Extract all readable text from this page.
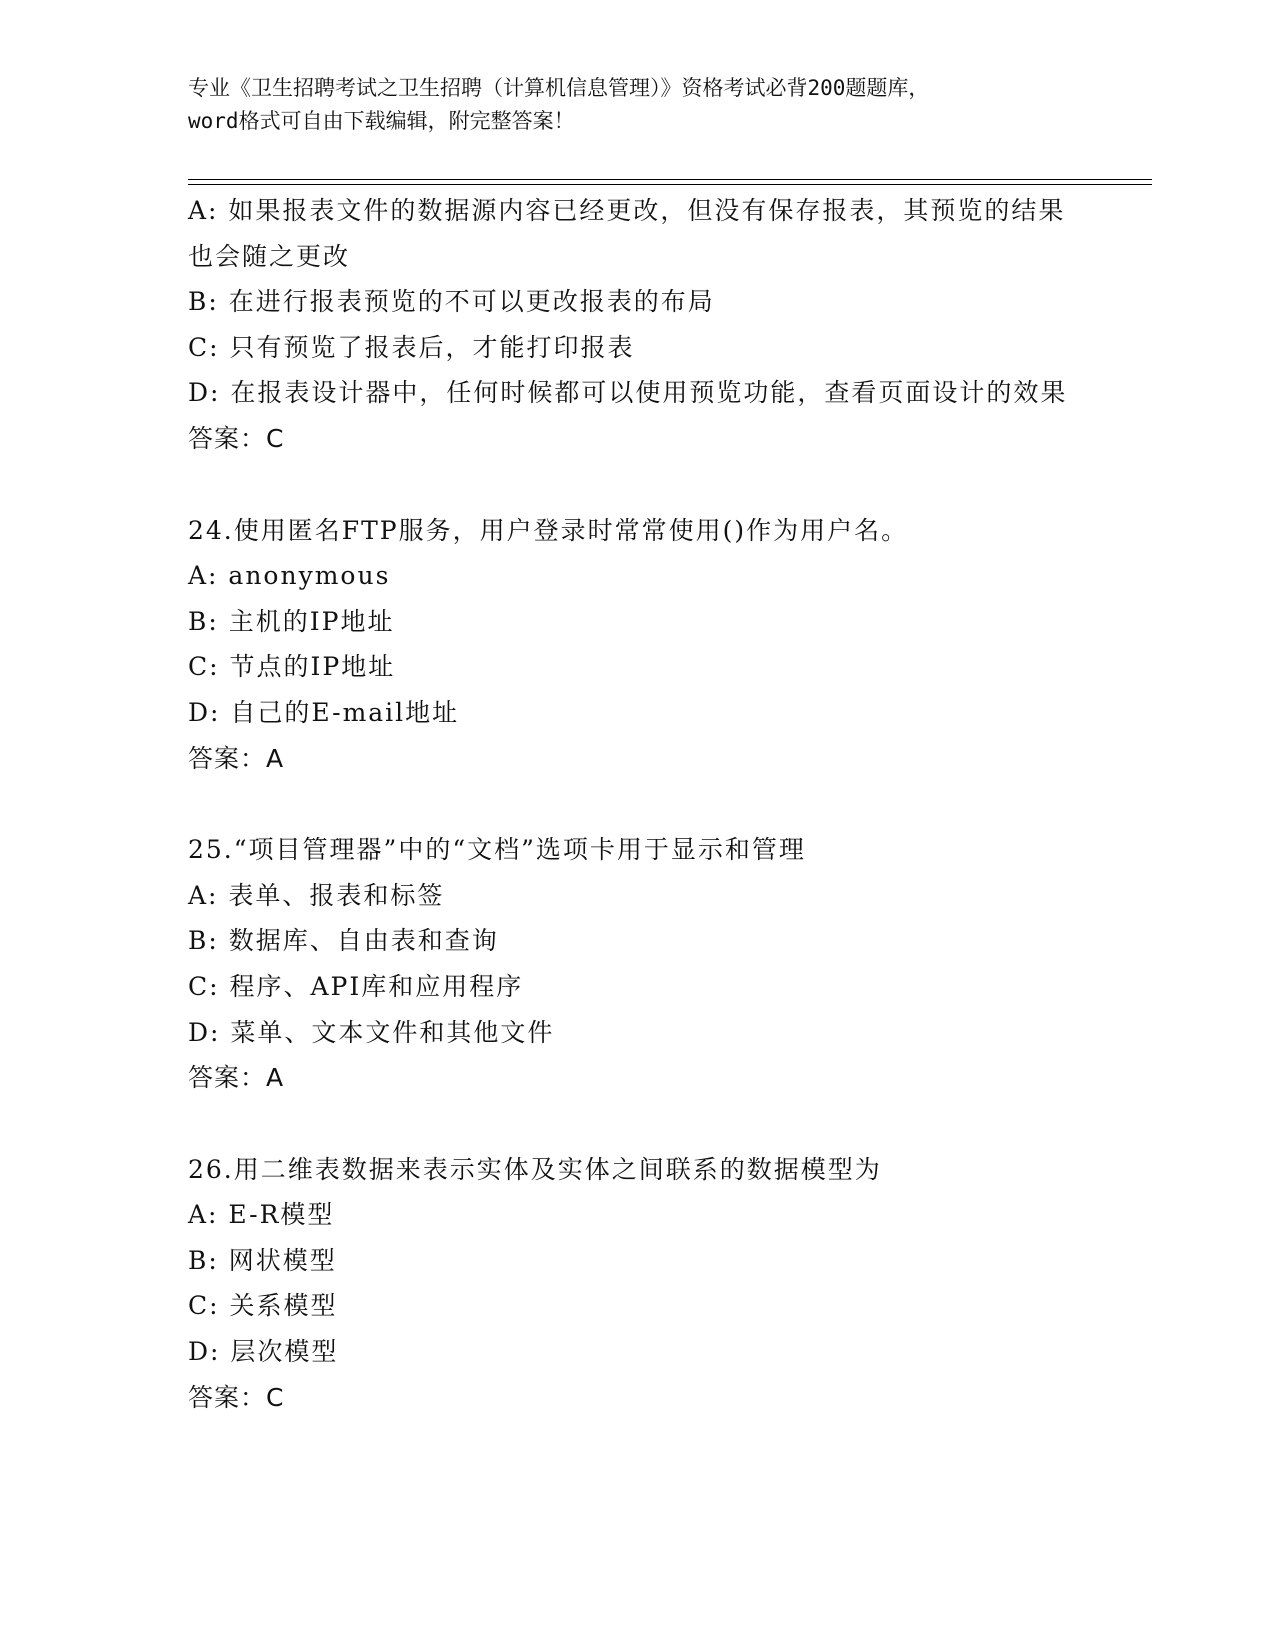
专业《卫生招聘考试之卫生招聘（计算机信息管理）》资格考试必背200题题库，
word格式可自由下载编辑，附完整答案！
A: 如果报表文件的数据源内容已经更改，但没有保存报表，其预览的结果也会随之更改
B: 在进行报表预览的不可以更改报表的布局
C: 只有预览了报表后，才能打印报表
D: 在报表设计器中，任何时候都可以使用预览功能，查看页面设计的效果
答案：C
24.使用匿名FTP服务，用户登录时常常使用()作为用户名。
A: anonymous
B: 主机的IP地址
C: 节点的IP地址
D: 自己的E-mail地址
答案：A
25.“项目管理器”中的“文档”选项卡用于显示和管理
A: 表单、报表和标签
B: 数据库、自由表和查询
C: 程序、API库和应用程序
D: 菜单、文本文件和其他文件
答案：A
26.用二维表数据来表示实体及实体之间联系的数据模型为
A: E-R模型
B: 网状模型
C: 关系模型
D: 层次模型
答案：C
